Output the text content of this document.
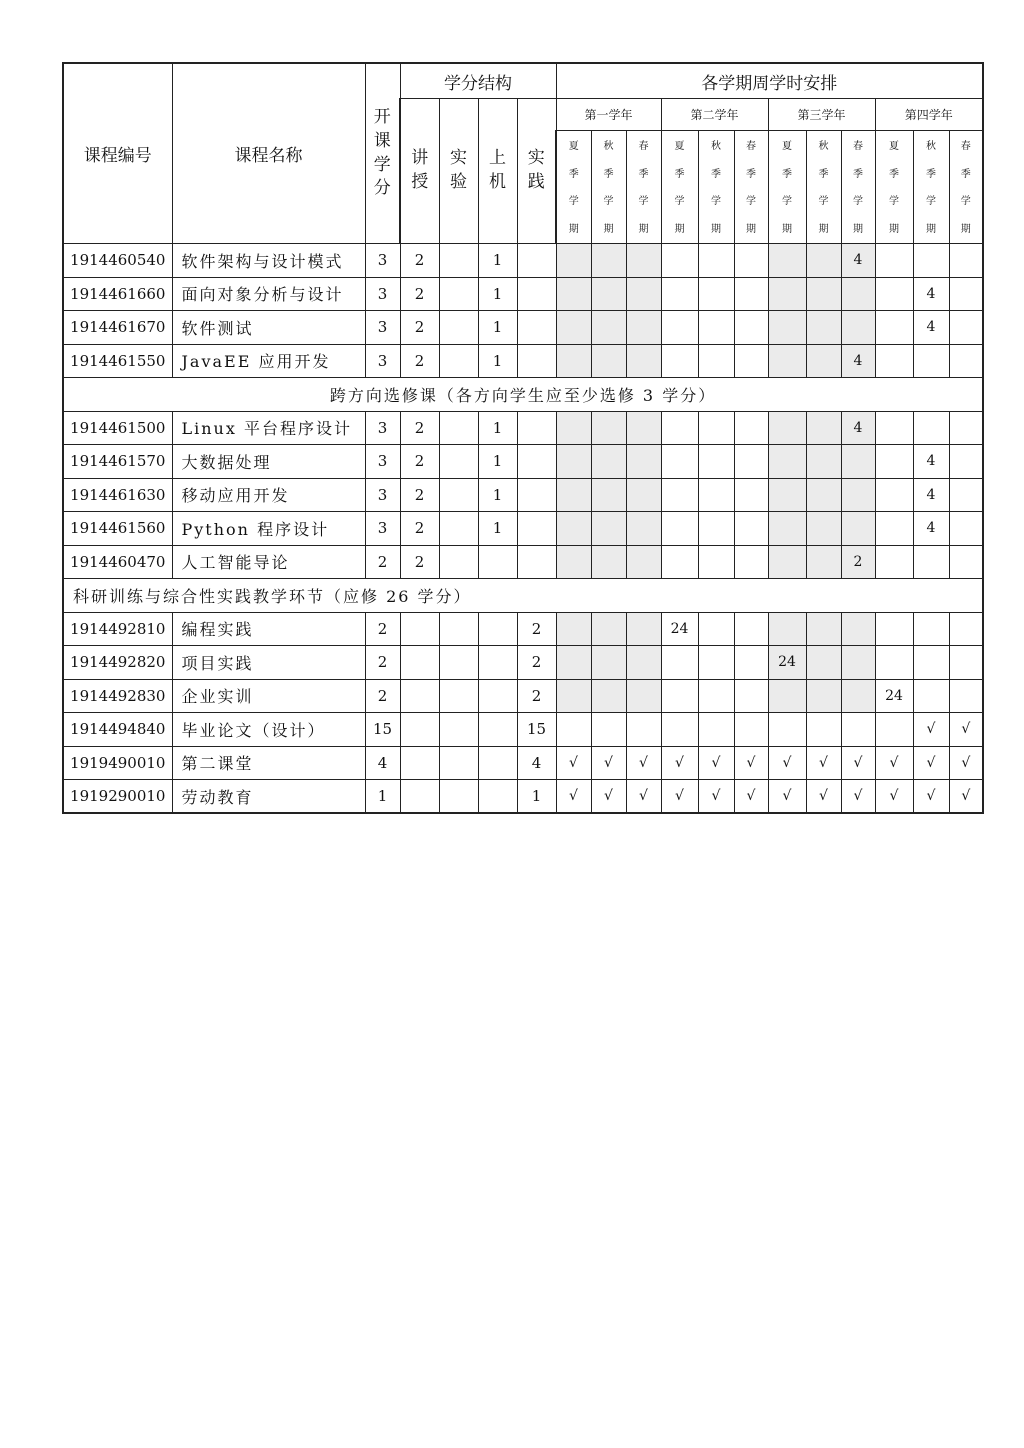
课程编号	课程名称	开课学分	学分结构				各学期周学时安排											
			讲授	实验	上机	实践	第一学年			第二学年			第三学年			第四学年		
							夏季学期	秋季学期	春季学期	夏季学期	秋季学期	春季学期	夏季学期	秋季学期	春季学期	夏季学期	秋季学期	春季学期
1914460540	软件架构与设计模式	3	2		1										4			
1914461660	面向对象分析与设计	3	2		1												4	
1914461670	软件测试	3	2		1												4	
1914461550	JavaEE 应用开发	3	2		1										4			
跨方向选修课（各方向学生应至少选修 3 学分）																		
1914461500	Linux 平台程序设计	3	2		1										4			
1914461570	大数据处理	3	2		1												4	
1914461630	移动应用开发	3	2		1												4	
1914461560	Python 程序设计	3	2		1												4	
1914460470	人工智能导论	2	2												2			
科研训练与综合性实践教学环节（应修 26 学分）																		
1914492810	编程实践	2				2				24								
1914492820	项目实践	2				2							24					
1914492830	企业实训	2				2										24		
1914494840	毕业论文（设计）	15				15											√	√
1919490010	第二课堂	4				4	√	√	√	√	√	√	√	√	√	√	√	√
1919290010	劳动教育	1				1	√	√	√	√	√	√	√	√	√	√	√	√
